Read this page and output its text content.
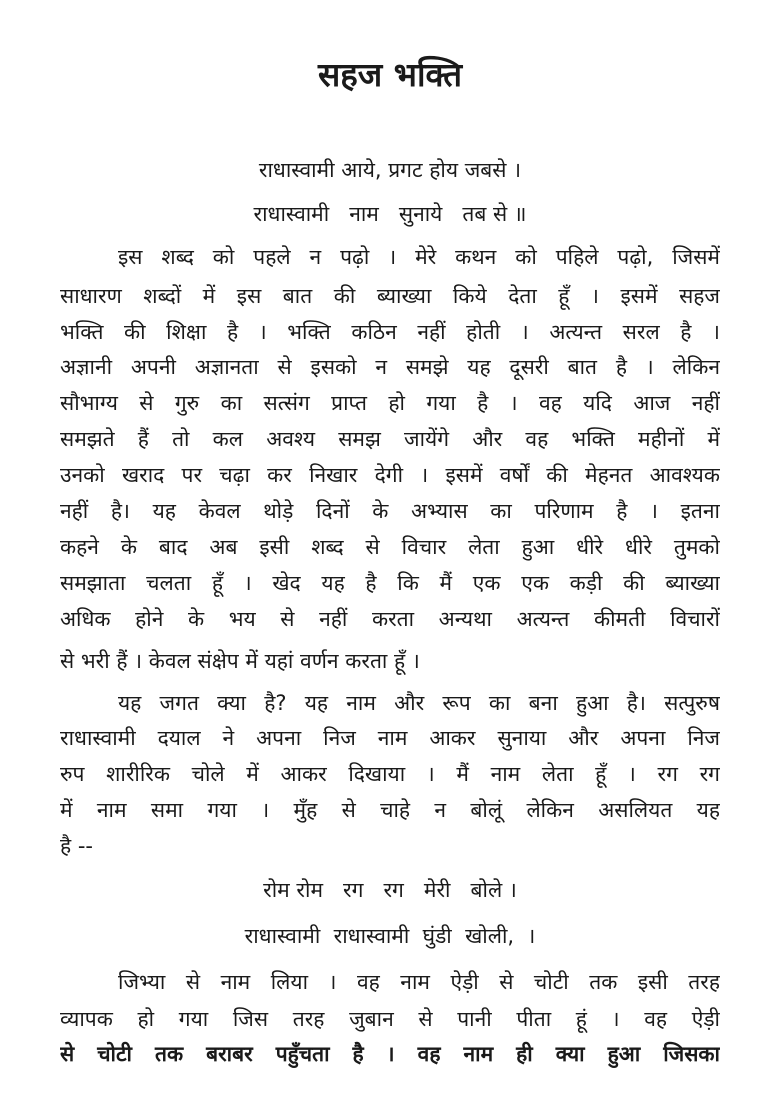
सहज भक्ति
राधास्वामी आये, प्रगट होय जबसे ।
राधास्वामी   नाम   सुनाये   तब से ॥
इस शब्द को पहले न पढ़ो । मेरे कथन को पहिले पढ़ो, जिसमें
साधारण शब्दों में इस बात की ब्याख्या किये देता हूँ । इसमें सहज
भक्ति की शिक्षा है । भक्ति कठिन नहीं होती । अत्यन्त सरल है ।
अज्ञानी अपनी अज्ञानता से इसको न समझे यह दूसरी बात है । लेकिन
सौभाग्य से गुरु का सत्संग प्राप्त हो गया है । वह यदि आज नहीं
समझते हैं तो कल अवश्य समझ जायेंगे और वह भक्ति महीनों में
उनको खराद पर चढ़ा कर निखार देगी । इसमें वर्षों की मेहनत आवश्यक
नहीं है। यह केवल थोड़े दिनों के अभ्यास का परिणाम है । इतना
कहने के बाद अब इसी शब्द से विचार लेता हुआ धीरे धीरे तुमको
समझाता चलता हूँ । खेद यह है कि मैं एक एक कड़ी की ब्याख्या
अधिक होने के भय से नहीं करता अन्यथा अत्यन्त कीमती विचारों
से भरी हैं । केवल संक्षेप में यहां वर्णन करता हूँ ।
यह जगत क्या है? यह नाम और रूप का बना हुआ है। सत्पुरुष
राधास्वामी दयाल ने अपना निज नाम आकर सुनाया और अपना निज
रुप शारीरिक चोले में आकर दिखाया । मैं नाम लेता हूँ । रग रग
में नाम समा गया । मुँह से चाहे न बोलूं लेकिन असलियत यह
है --
रोम रोम   रग   रग   मेरी   बोले ।
राधास्वामी  राधास्वामी  घुंडी  खोली,  ।
जिभ्या से नाम लिया । वह नाम ऐड़ी से चोटी तक इसी तरह
व्यापक हो गया जिस तरह जुबान से पानी पीता हूं । वह ऐड़ी
से चोटी तक बराबर पहुँचता है । वह नाम ही क्या हुआ जिसका
